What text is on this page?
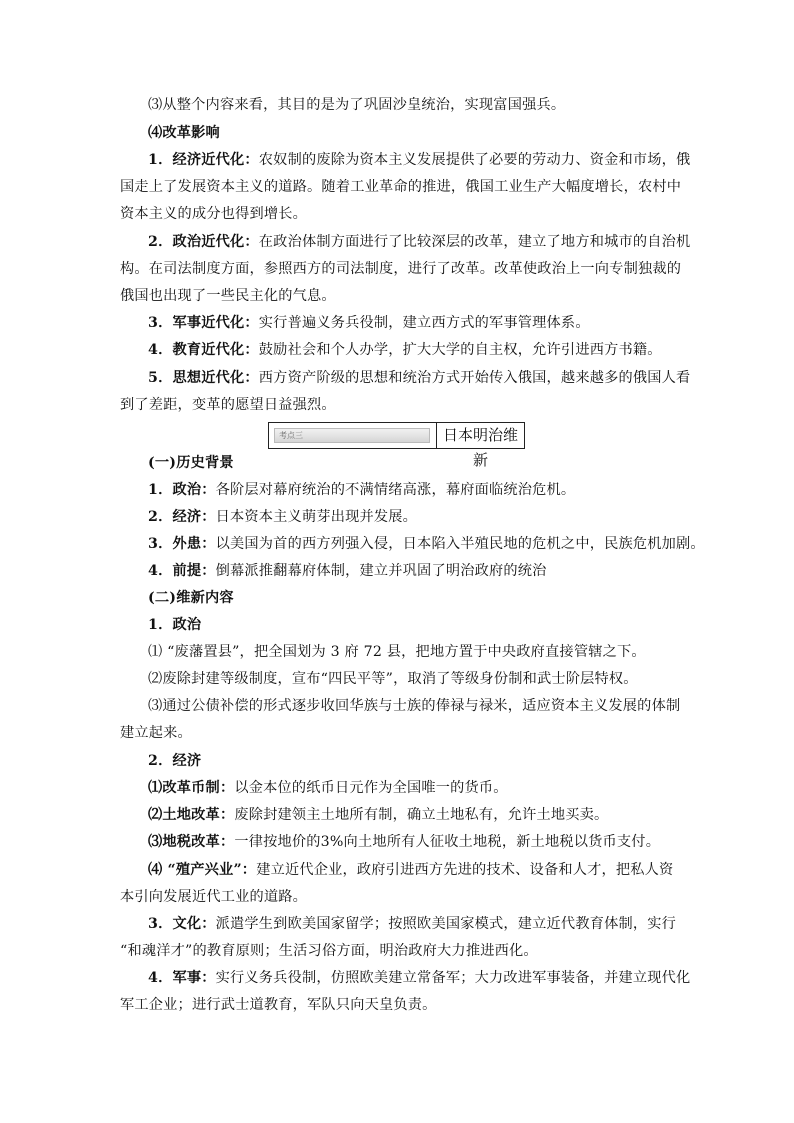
⑶从整个内容来看，其目的是为了巩固沙皇统治，实现富国强兵。
⑷改革影响
1．经济近代化：农奴制的废除为资本主义发展提供了必要的劳动力、资金和市场，俄
国走上了发展资本主义的道路。随着工业革命的推进，俄国工业生产大幅度增长，农村中
资本主义的成分也得到增长。
2．政治近代化：在政治体制方面进行了比较深层的改革，建立了地方和城市的自治机
构。在司法制度方面，参照西方的司法制度，进行了改革。改革使政治上一向专制独裁的
俄国也出现了一些民主化的气息。
3．军事近代化：实行普遍义务兵役制，建立西方式的军事管理体系。
4．教育近代化：鼓励社会和个人办学，扩大大学的自主权，允许引进西方书籍。
5．思想近代化：西方资产阶级的思想和统治方式开始传入俄国，越来越多的俄国人看
到了差距，变革的愿望日益强烈。
考点三	日本明治维新
(一)历史背景
1．政治：各阶层对幕府统治的不满情绪高涨，幕府面临统治危机。
2．经济：日本资本主义萌芽出现并发展。
3．外患：以美国为首的西方列强入侵，日本陷入半殖民地的危机之中，民族危机加剧。
4．前提：倒幕派推翻幕府体制，建立并巩固了明治政府的统治
(二)维新内容
1．政治
⑴ “废藩置县”，把全国划为 3 府 72 县，把地方置于中央政府直接管辖之下。
⑵废除封建等级制度，宣布“四民平等”，取消了等级身份制和武士阶层特权。
⑶通过公债补偿的形式逐步收回华族与士族的俸禄与禄米，适应资本主义发展的体制
建立起来。
2．经济
⑴改革币制：以金本位的纸币日元作为全国唯一的货币。
⑵土地改革：废除封建领主土地所有制，确立土地私有，允许土地买卖。
⑶地税改革：一律按地价的3%向土地所有人征收土地税，新土地税以货币支付。
⑷ “殖产兴业”：建立近代企业，政府引进西方先进的技术、设备和人才，把私人资
本引向发展近代工业的道路。
3．文化：派遣学生到欧美国家留学；按照欧美国家模式，建立近代教育体制，实行
“和魂洋才”的教育原则；生活习俗方面，明治政府大力推进西化。
4．军事：实行义务兵役制，仿照欧美建立常备军；大力改进军事装备，并建立现代化
军工企业；进行武士道教育，军队只向天皇负责。
